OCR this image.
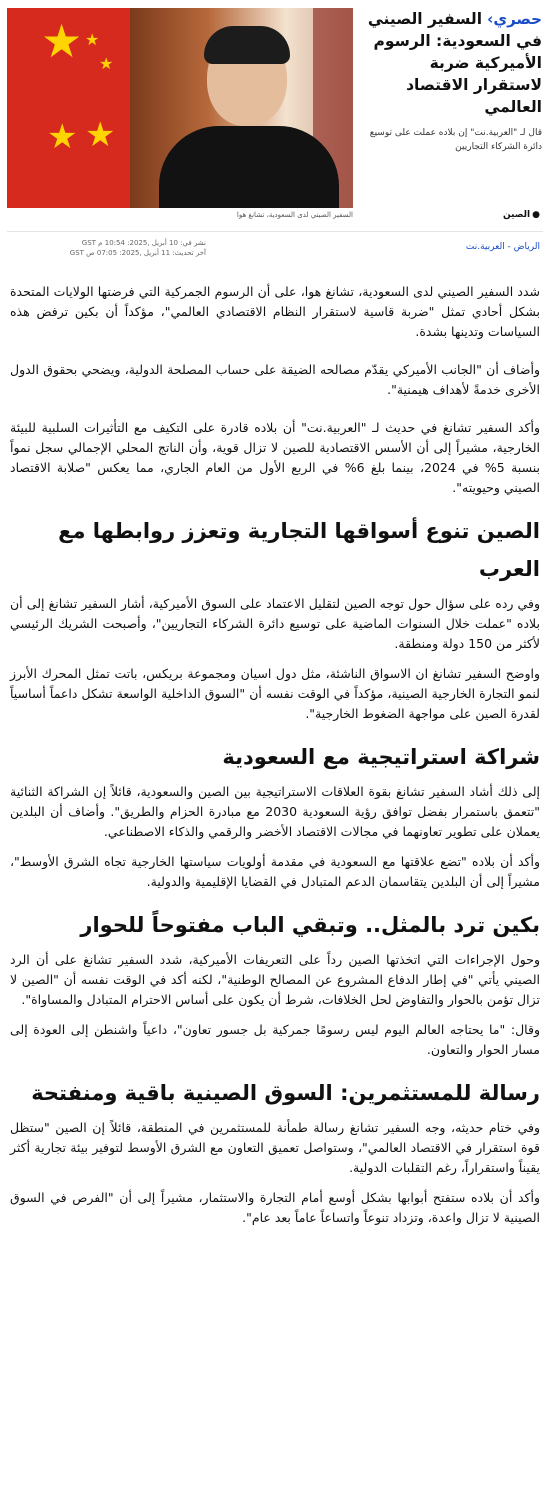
★ ★
★
★ ★
حصري› السفير الصيني في السعودية: الرسوم الأميركية ضربة لاستقرار الاقتصاد العالمي
قال لـ "العربية.نت" إن بلاده عملت على توسيع دائرة الشركاء التجاريين
السفير الصيني لدى السعودية، تشانغ هوا	●
الصين
الرياض - العربية.نت
نشر في: 10 أبريل ,2025: 10:54 م GST
آخر تحديث: 11 أبريل ,2025: 07:05 ص GST

شدد السفير الصيني لدى السعودية، تشانغ هوا، على أن الرسوم الجمركية التي فرضتها الولايات المتحدة بشكل أحادي تمثل "ضربة قاسية لاستقرار النظام الاقتصادي العالمي"، مؤكداً أن بكين ترفض هذه السياسات وتدينها بشدة.

وأضاف أن "الجانب الأميركي يقدّم مصالحه الضيقة على حساب المصلحة الدولية، ويضحي بحقوق الدول الأخرى خدمةً لأهداف هيمنية".

وأكد السفير تشانغ في حديث لـ "العربية.نت" أن بلاده قادرة على التكيف مع التأثيرات السلبية للبيئة الخارجية، مشيراً إلى أن الأسس الاقتصادية للصين لا تزال قوية، وأن الناتج المحلي الإجمالي سجل نمواً بنسبة 5% في 2024، بينما بلغ 6% في الربع الأول من العام الجاري، مما يعكس "صلابة الاقتصاد الصيني وحيويته".

الصين تنوع أسواقها التجارية وتعزز روابطها مع العرب

وفي رده على سؤال حول توجه الصين لتقليل الاعتماد على السوق الأميركية، أشار السفير تشانغ إلى أن بلاده "عملت خلال السنوات الماضية على توسيع دائرة الشركاء التجاريين"، وأصبحت الشريك الرئيسي لأكثر من 150 دولة ومنطقة.

واوضح السفير تشانغ ان الاسواق الناشئة، مثل دول اسيان ومجموعة بريكس، باتت تمثل المحرك الأبرز لنمو التجارة الخارجية الصينية، مؤكداً في الوقت نفسه أن "السوق الداخلية الواسعة تشكل داعماً أساسياً لقدرة الصين على مواجهة الضغوط الخارجية".

شراكة استراتيجية مع السعودية

إلى ذلك أشاد السفير تشانغ بقوة العلاقات الاستراتيجية بين الصين والسعودية، قائلاً إن الشراكة الثنائية "تتعمق باستمرار بفضل توافق رؤية السعودية 2030 مع مبادرة الحزام والطريق". وأضاف أن البلدين يعملان على تطوير تعاونهما في مجالات الاقتصاد الأخضر والرقمي والذكاء الاصطناعي.

وأكد أن بلاده "تضع علاقتها مع السعودية في مقدمة أولويات سياستها الخارجية تجاه الشرق الأوسط"، مشيراً إلى أن البلدين يتقاسمان الدعم المتبادل في القضايا الإقليمية والدولية.

بكين ترد بالمثل.. وتبقي الباب مفتوحاً للحوار

وحول الإجراءات التي اتخذتها الصين رداً على التعريفات الأميركية، شدد السفير تشانغ على أن الرد الصيني يأتي "في إطار الدفاع المشروع عن المصالح الوطنية"، لكنه أكد في الوقت نفسه أن "الصين لا تزال تؤمن بالحوار والتفاوض لحل الخلافات، شرط أن يكون على أساس الاحترام المتبادل والمساواة".

وقال: "ما يحتاجه العالم اليوم ليس رسومًا جمركية بل جسور تعاون"، داعياً واشنطن إلى العودة إلى مسار الحوار والتعاون.

رسالة للمستثمرين: السوق الصينية باقية ومنفتحة

وفي ختام حديثه، وجه السفير تشانغ رسالة طمأنة للمستثمرين في المنطقة، قائلاً إن الصين "ستظل قوة استقرار في الاقتصاد العالمي"، وستواصل تعميق التعاون مع الشرق الأوسط لتوفير بيئة تجارية أكثر يقيناً واستقراراً، رغم التقلبات الدولية.

وأكد أن بلاده ستفتح أبوابها بشكل أوسع أمام التجارة والاستثمار، مشيراً إلى أن "الفرص في السوق الصينية لا تزال واعدة، وتزداد تنوعاً واتساعاً عاماً بعد عام".
